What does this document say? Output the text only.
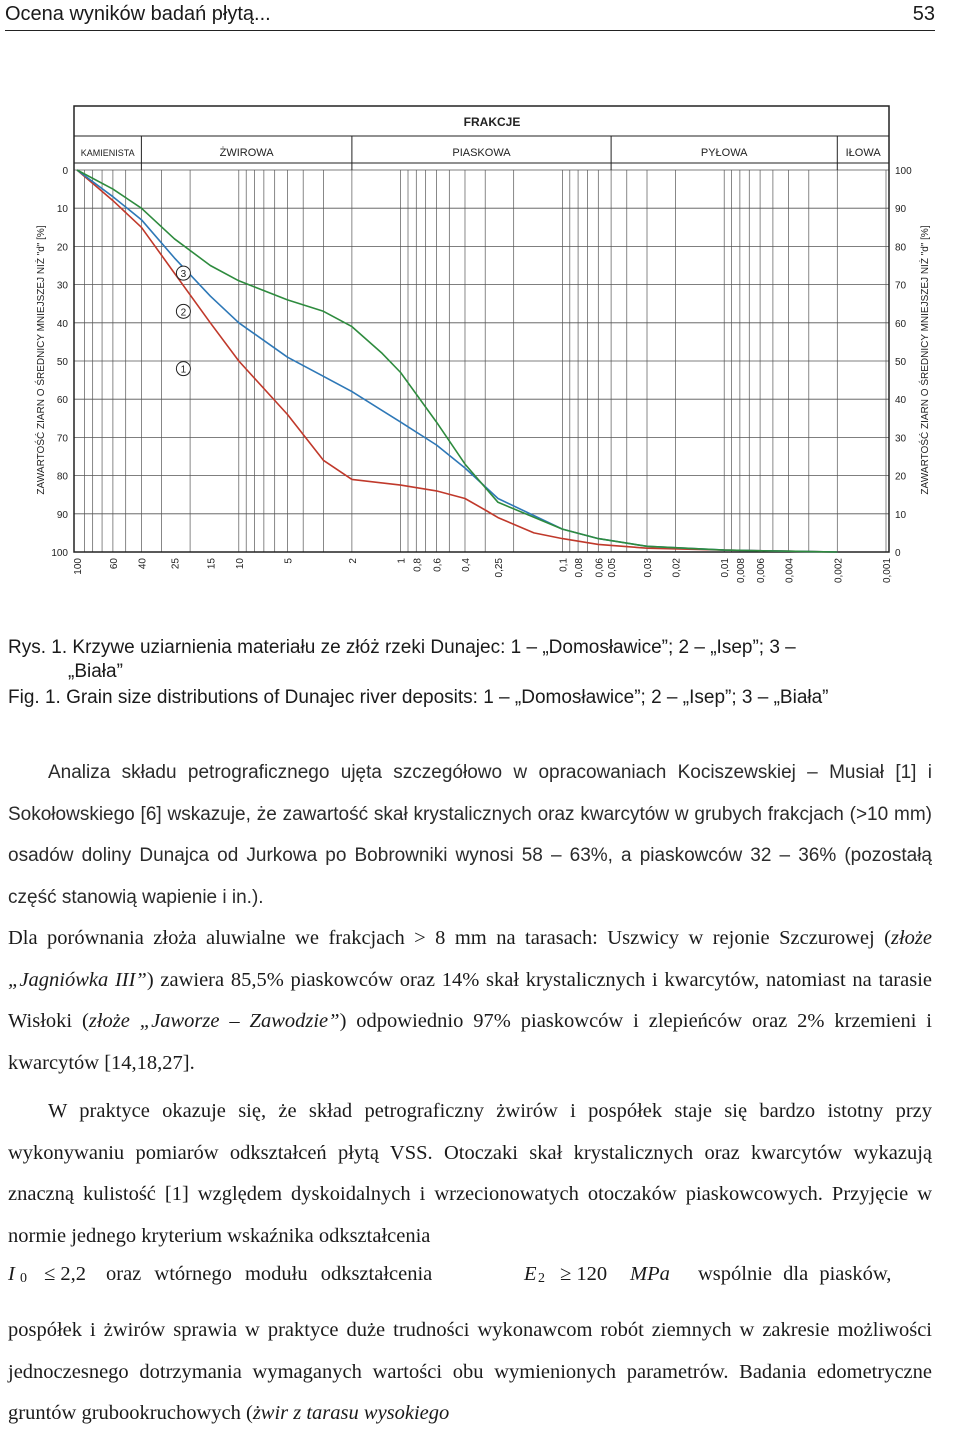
Ocena wyników badań płytą...	53
FRAKCJE
KAMIENISTA	ŻWIROWA	PIASKOWA	PYŁOWA	IŁOWA
0
10
20
30
40
50
60
70
80
90
100
100
90
80
70
60
50
40
30
20
10
0
100 60 40 25 15 10	5	2	1 0,8 0,6 0,4 0,25	0,1 0,08 0,06 0,05 0,03 0,02	0,01 0,008 0,006 0,004	0,002	0,001
ZAWARTOŚĆ ZIARN O ŚREDNICY MNIEJSZEJ NIŻ "d" [%]	ZAWARTOŚĆ ZIARN O ŚREDNICY MNIEJSZEJ NIŻ "d" [%]
1
2
3
Rys. 1. Krzywe uziarnienia materiału ze złóż rzeki Dunajec: 1 – „Domosławice”; 2 – „Isep”; 3 –
„Biała”
Fig. 1. Grain size distributions of Dunajec river deposits: 1 – „Domosławice”; 2 – „Isep”; 3 – „Biała”
Analiza składu petrograficznego ujęta szczegółowo w opracowaniach Kociszewskiej – Musiał [1] i Sokołowskiego [6] wskazuje, że zawartość skał krystalicznych oraz kwarcytów w grubych frakcjach (>10 mm) osadów doliny Dunajca od Jurkowa po Bobrowniki wynosi 58 – 63%, a piaskowców 32 – 36% (pozostałą część stanowią wapienie i in.).
Dla porównania złoża aluwialne we frakcjach > 8 mm na tarasach: Uszwicy w rejonie Szczurowej (złoże „Jagniówka III”) zawiera 85,5% piaskowców oraz 14% skał krystalicznych i kwarcytów, natomiast na tarasie Wisłoki (złoże „Jaworze – Zawodzie”) odpowiednio 97% piaskowców i zlepieńców oraz 2% krzemieni i kwarcytów [14,18,27].
W praktyce okazuje się, że skład petrograficzny żwirów i pospółek staje się bardzo istotny przy wykonywaniu pomiarów odkształceń płytą VSS. Otoczaki skał krystalicznych oraz kwarcytów wykazują znaczną kulistość [1] względem dyskoidalnych i wrzecionowatych otoczaków piaskowcowych. Przyjęcie w normie jednego kryterium wskaźnika odkształcenia
I 0 ≤ 2,2 oraz wtórnego modułu odkształcenia	E 2 ≥ 120 MPa wspólnie dla piasków,
pospółek i żwirów sprawia w praktyce duże trudności wykonawcom robót ziemnych w zakresie możliwości jednoczesnego dotrzymania wymaganych wartości obu wymienionych parametrów. Badania edometryczne gruntów grubookruchowych (żwir z tarasu wysokiego
